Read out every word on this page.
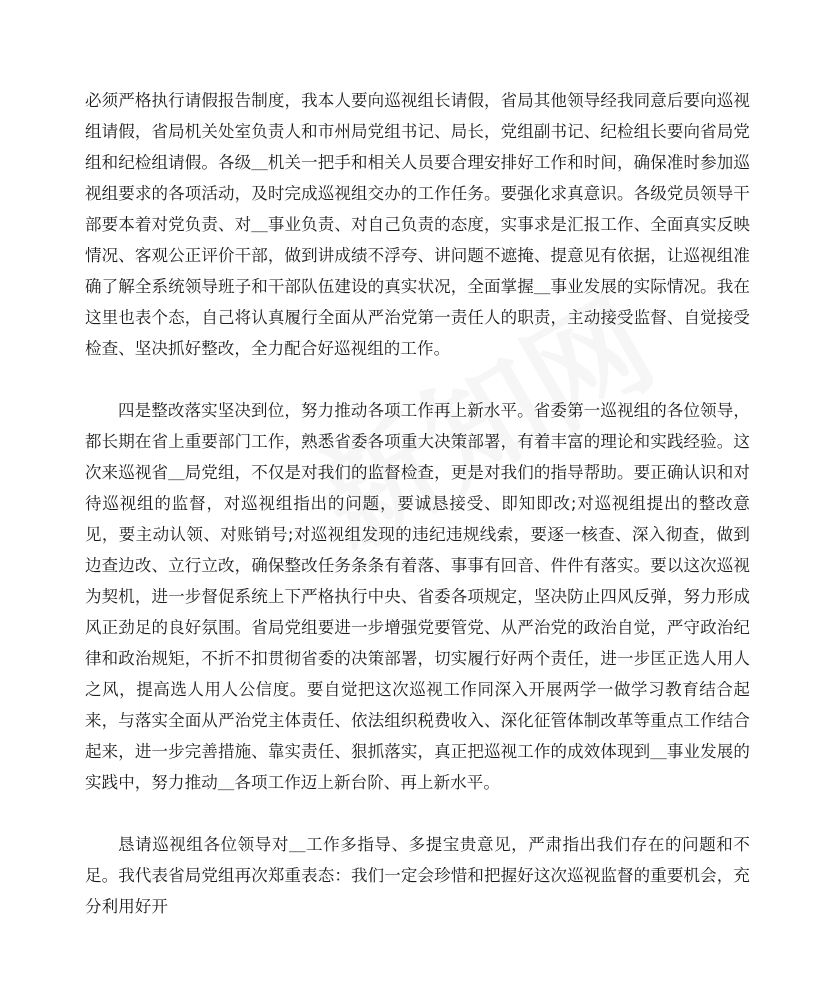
必须严格执行请假报告制度，我本人要向巡视组长请假，省局其他领导经我同意后要向巡视组请假，省局机关处室负责人和市州局党组书记、局长，党组副书记、纪检组长要向省局党组和纪检组请假。各级＿机关一把手和相关人员要合理安排好工作和时间，确保准时参加巡视组要求的各项活动，及时完成巡视组交办的工作任务。要强化求真意识。各级党员领导干部要本着对党负责、对＿事业负责、对自己负责的态度，实事求是汇报工作、全面真实反映情况、客观公正评价干部，做到讲成绩不浮夸、讲问题不遮掩、提意见有依据，让巡视组准确了解全系统领导班子和干部队伍建设的真实状况，全面掌握＿事业发展的实际情况。我在这里也表个态，自己将认真履行全面从严治党第一责任人的职责，主动接受监督、自觉接受检查、坚决抓好整改，全力配合好巡视组的工作。

四是整改落实坚决到位，努力推动各项工作再上新水平。省委第一巡视组的各位领导，都长期在省上重要部门工作，熟悉省委各项重大决策部署，有着丰富的理论和实践经验。这次来巡视省＿局党组，不仅是对我们的监督检查，更是对我们的指导帮助。要正确认识和对待巡视组的监督，对巡视组指出的问题，要诚恳接受、即知即改;对巡视组提出的整改意见，要主动认领、对账销号;对巡视组发现的违纪违规线索，要逐一核查、深入彻查，做到边查边改、立行立改，确保整改任务条条有着落、事事有回音、件件有落实。要以这次巡视为契机，进一步督促系统上下严格执行中央、省委各项规定，坚决防止四风反弹，努力形成风正劲足的良好氛围。省局党组要进一步增强党要管党、从严治党的政治自觉，严守政治纪律和政治规矩，不折不扣贯彻省委的决策部署，切实履行好两个责任，进一步匡正选人用人之风，提高选人用人公信度。要自觉把这次巡视工作同深入开展两学一做学习教育结合起来，与落实全面从严治党主体责任、依法组织税费收入、深化征管体制改革等重点工作结合起来，进一步完善措施、靠实责任、狠抓落实，真正把巡视工作的成效体现到＿事业发展的实践中，努力推动＿各项工作迈上新台阶、再上新水平。

恳请巡视组各位领导对＿工作多指导、多提宝贵意见，严肃指出我们存在的问题和不足。我代表省局党组再次郑重表态：我们一定会珍惜和把握好这次巡视监督的重要机会，充分利用好开
